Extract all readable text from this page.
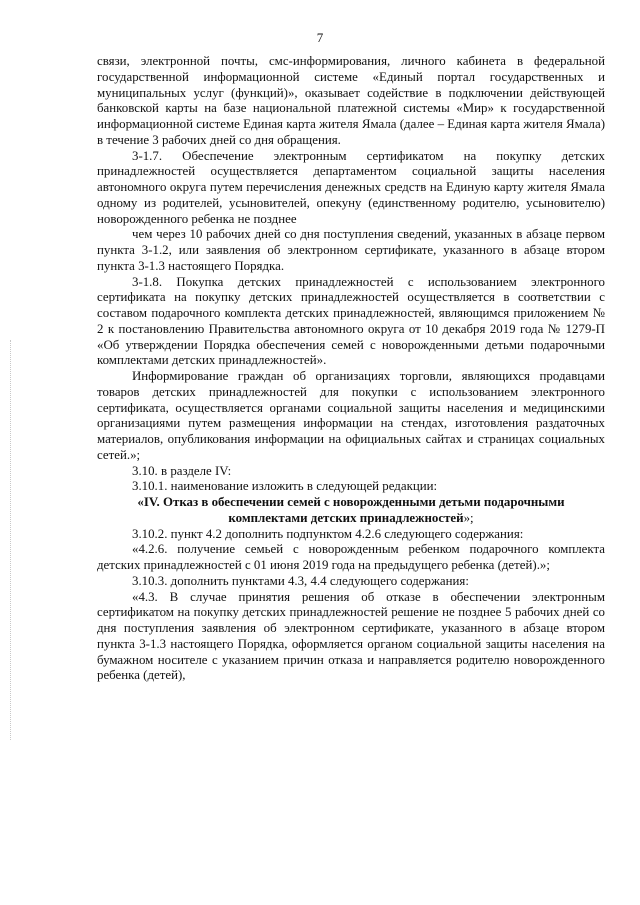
7

связи, электронной почты, смс-информирования, личного кабинета в федеральной государственной информационной системе «Единый портал государственных и муниципальных услуг (функций)», оказывает содействие в подключении действующей банковской карты на базе национальной платежной системы «Мир» к государственной информационной системе Единая карта жителя Ямала (далее – Единая карта жителя Ямала) в течение 3 рабочих дней со дня обращения.

3-1.7. Обеспечение электронным сертификатом на покупку детских принадлежностей осуществляется департаментом социальной защиты населения автономного округа путем перечисления денежных средств на Единую карту жителя Ямала одному из родителей, усыновителей, опекуну (единственному родителю, усыновителю) новорожденного ребенка не позднее

чем через 10 рабочих дней со дня поступления сведений, указанных в абзаце первом пункта 3-1.2, или заявления об электронном сертификате, указанного в абзаце втором пункта 3-1.3 настоящего Порядка.

3-1.8. Покупка детских принадлежностей с использованием электронного сертификата на покупку детских принадлежностей осуществляется в соответствии с составом подарочного комплекта детских принадлежностей, являющимся приложением № 2 к постановлению Правительства автономного округа от 10 декабря 2019 года № 1279-П «Об утверждении Порядка обеспечения семей с новорожденными детьми подарочными комплектами детских принадлежностей».

Информирование граждан об организациях торговли, являющихся продавцами товаров детских принадлежностей для покупки с использованием электронного сертификата, осуществляется органами социальной защиты населения и медицинскими организациями путем размещения информации на стендах, изготовления раздаточных материалов, опубликования информации на официальных сайтах и страницах социальных сетей.»;

3.10. в разделе IV:

3.10.1. наименование изложить в следующей редакции:

«IV. Отказ в обеспечении семей с новорожденными детьми подарочными комплектами детских принадлежностей»;

3.10.2. пункт 4.2 дополнить подпунктом 4.2.6 следующего содержания:

«4.2.6. получение семьей с новорожденным ребенком подарочного комплекта детских принадлежностей с 01 июня 2019 года на предыдущего ребенка (детей).»;

3.10.3. дополнить пунктами 4.3, 4.4 следующего содержания:

«4.3. В случае принятия решения об отказе в обеспечении электронным сертификатом на покупку детских принадлежностей решение не позднее 5 рабочих дней со дня поступления заявления об электронном сертификате, указанного в абзаце втором пункта 3-1.3 настоящего Порядка, оформляется органом социальной защиты населения на бумажном носителе с указанием причин отказа и направляется родителю новорожденного ребенка (детей),
